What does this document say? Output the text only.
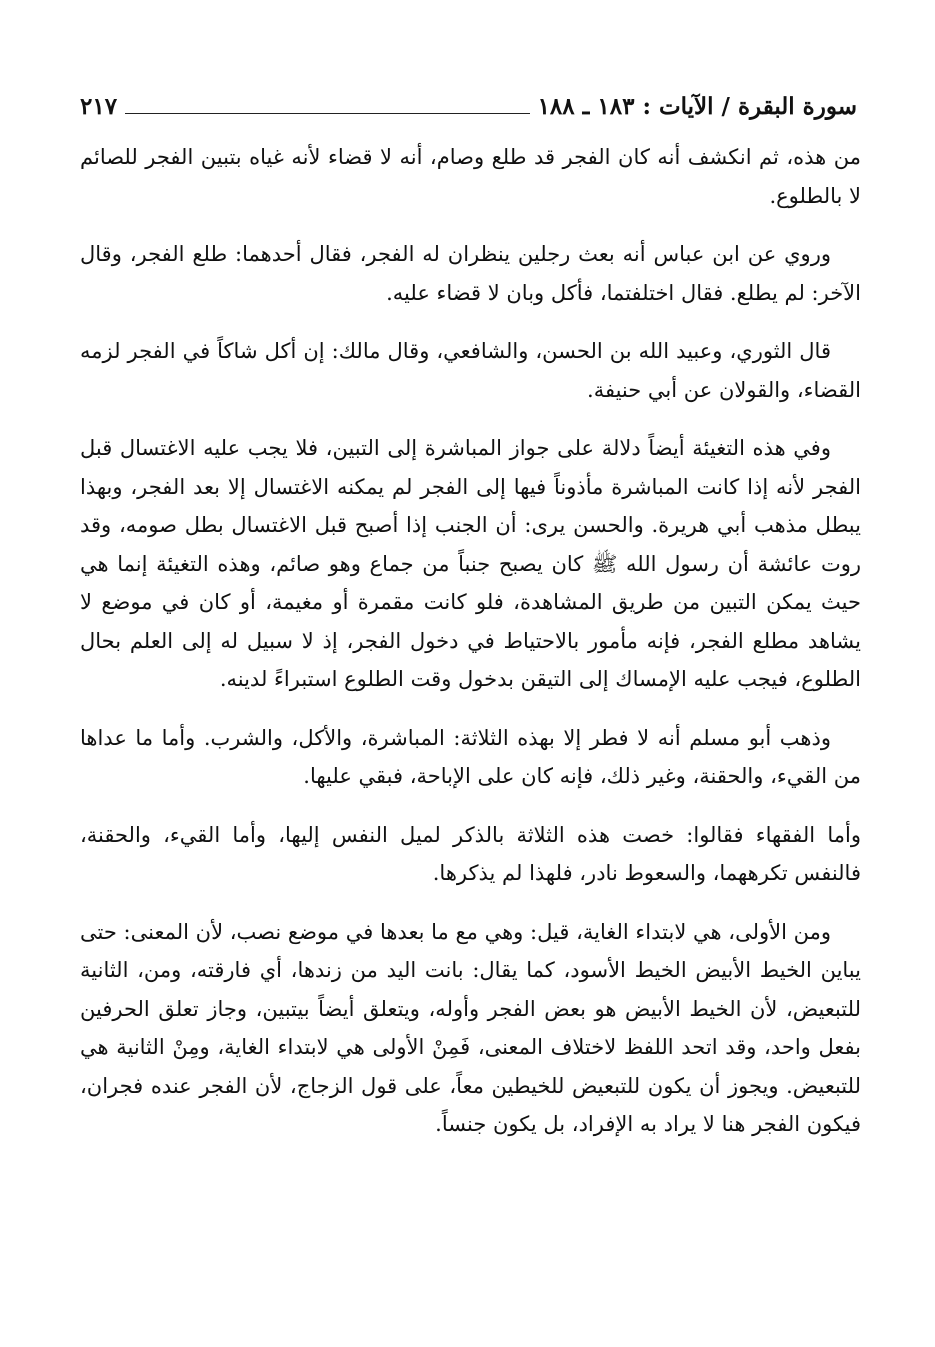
سورة البقرة / الآيات : ١٨٣ ـ ١٨٨
٢١٧

من هذه، ثم انكشف أنه كان الفجر قد طلع وصام، أنه لا قضاء لأنه غياه بتبين الفجر للصائم لا بالطلوع.

وروي عن ابن عباس أنه بعث رجلين ينظران له الفجر، فقال أحدهما: طلع الفجر، وقال الآخر: لم يطلع. فقال اختلفتما، فأكل وبان لا قضاء عليه.

قال الثوري، وعبيد الله بن الحسن، والشافعي، وقال مالك: إن أكل شاكاً في الفجر لزمه القضاء، والقولان عن أبي حنيفة.

وفي هذه التغيئة أيضاً دلالة على جواز المباشرة إلى التبين، فلا يجب عليه الاغتسال قبل الفجر لأنه إذا كانت المباشرة مأذوناً فيها إلى الفجر لم يمكنه الاغتسال إلا بعد الفجر، وبهذا يبطل مذهب أبي هريرة. والحسن يرى: أن الجنب إذا أصبح قبل الاغتسال بطل صومه، وقد روت عائشة أن رسول الله ﷺ كان يصبح جنباً من جماع وهو صائم، وهذه التغيئة إنما هي حيث يمكن التبين من طريق المشاهدة، فلو كانت مقمرة أو مغيمة، أو كان في موضع لا يشاهد مطلع الفجر، فإنه مأمور بالاحتياط في دخول الفجر، إذ لا سبيل له إلى العلم بحال الطلوع، فيجب عليه الإمساك إلى التيقن بدخول وقت الطلوع استبراءً لدينه.

وذهب أبو مسلم أنه لا فطر إلا بهذه الثلاثة: المباشرة، والأكل، والشرب. وأما ما عداها من القيء، والحقنة، وغير ذلك، فإنه كان على الإباحة، فبقي عليها.

وأما الفقهاء فقالوا: خصت هذه الثلاثة بالذكر لميل النفس إليها، وأما القيء، والحقنة، فالنفس تكرههما، والسعوط نادر، فلهذا لم يذكرها.

ومن الأولى، هي لابتداء الغاية، قيل: وهي مع ما بعدها في موضع نصب، لأن المعنى: حتى يباين الخيط الأبيض الخيط الأسود، كما يقال: بانت اليد من زندها، أي فارقته، ومن، الثانية للتبعيض، لأن الخيط الأبيض هو بعض الفجر وأوله، ويتعلق أيضاً بيتبين، وجاز تعلق الحرفين بفعل واحد، وقد اتحد اللفظ لاختلاف المعنى، فَمِنْ الأولى هي لابتداء الغاية، ومِنْ الثانية هي للتبعيض. ويجوز أن يكون للتبعيض للخيطين معاً، على قول الزجاج، لأن الفجر عنده فجران، فيكون الفجر هنا لا يراد به الإفراد، بل يكون جنساً.
